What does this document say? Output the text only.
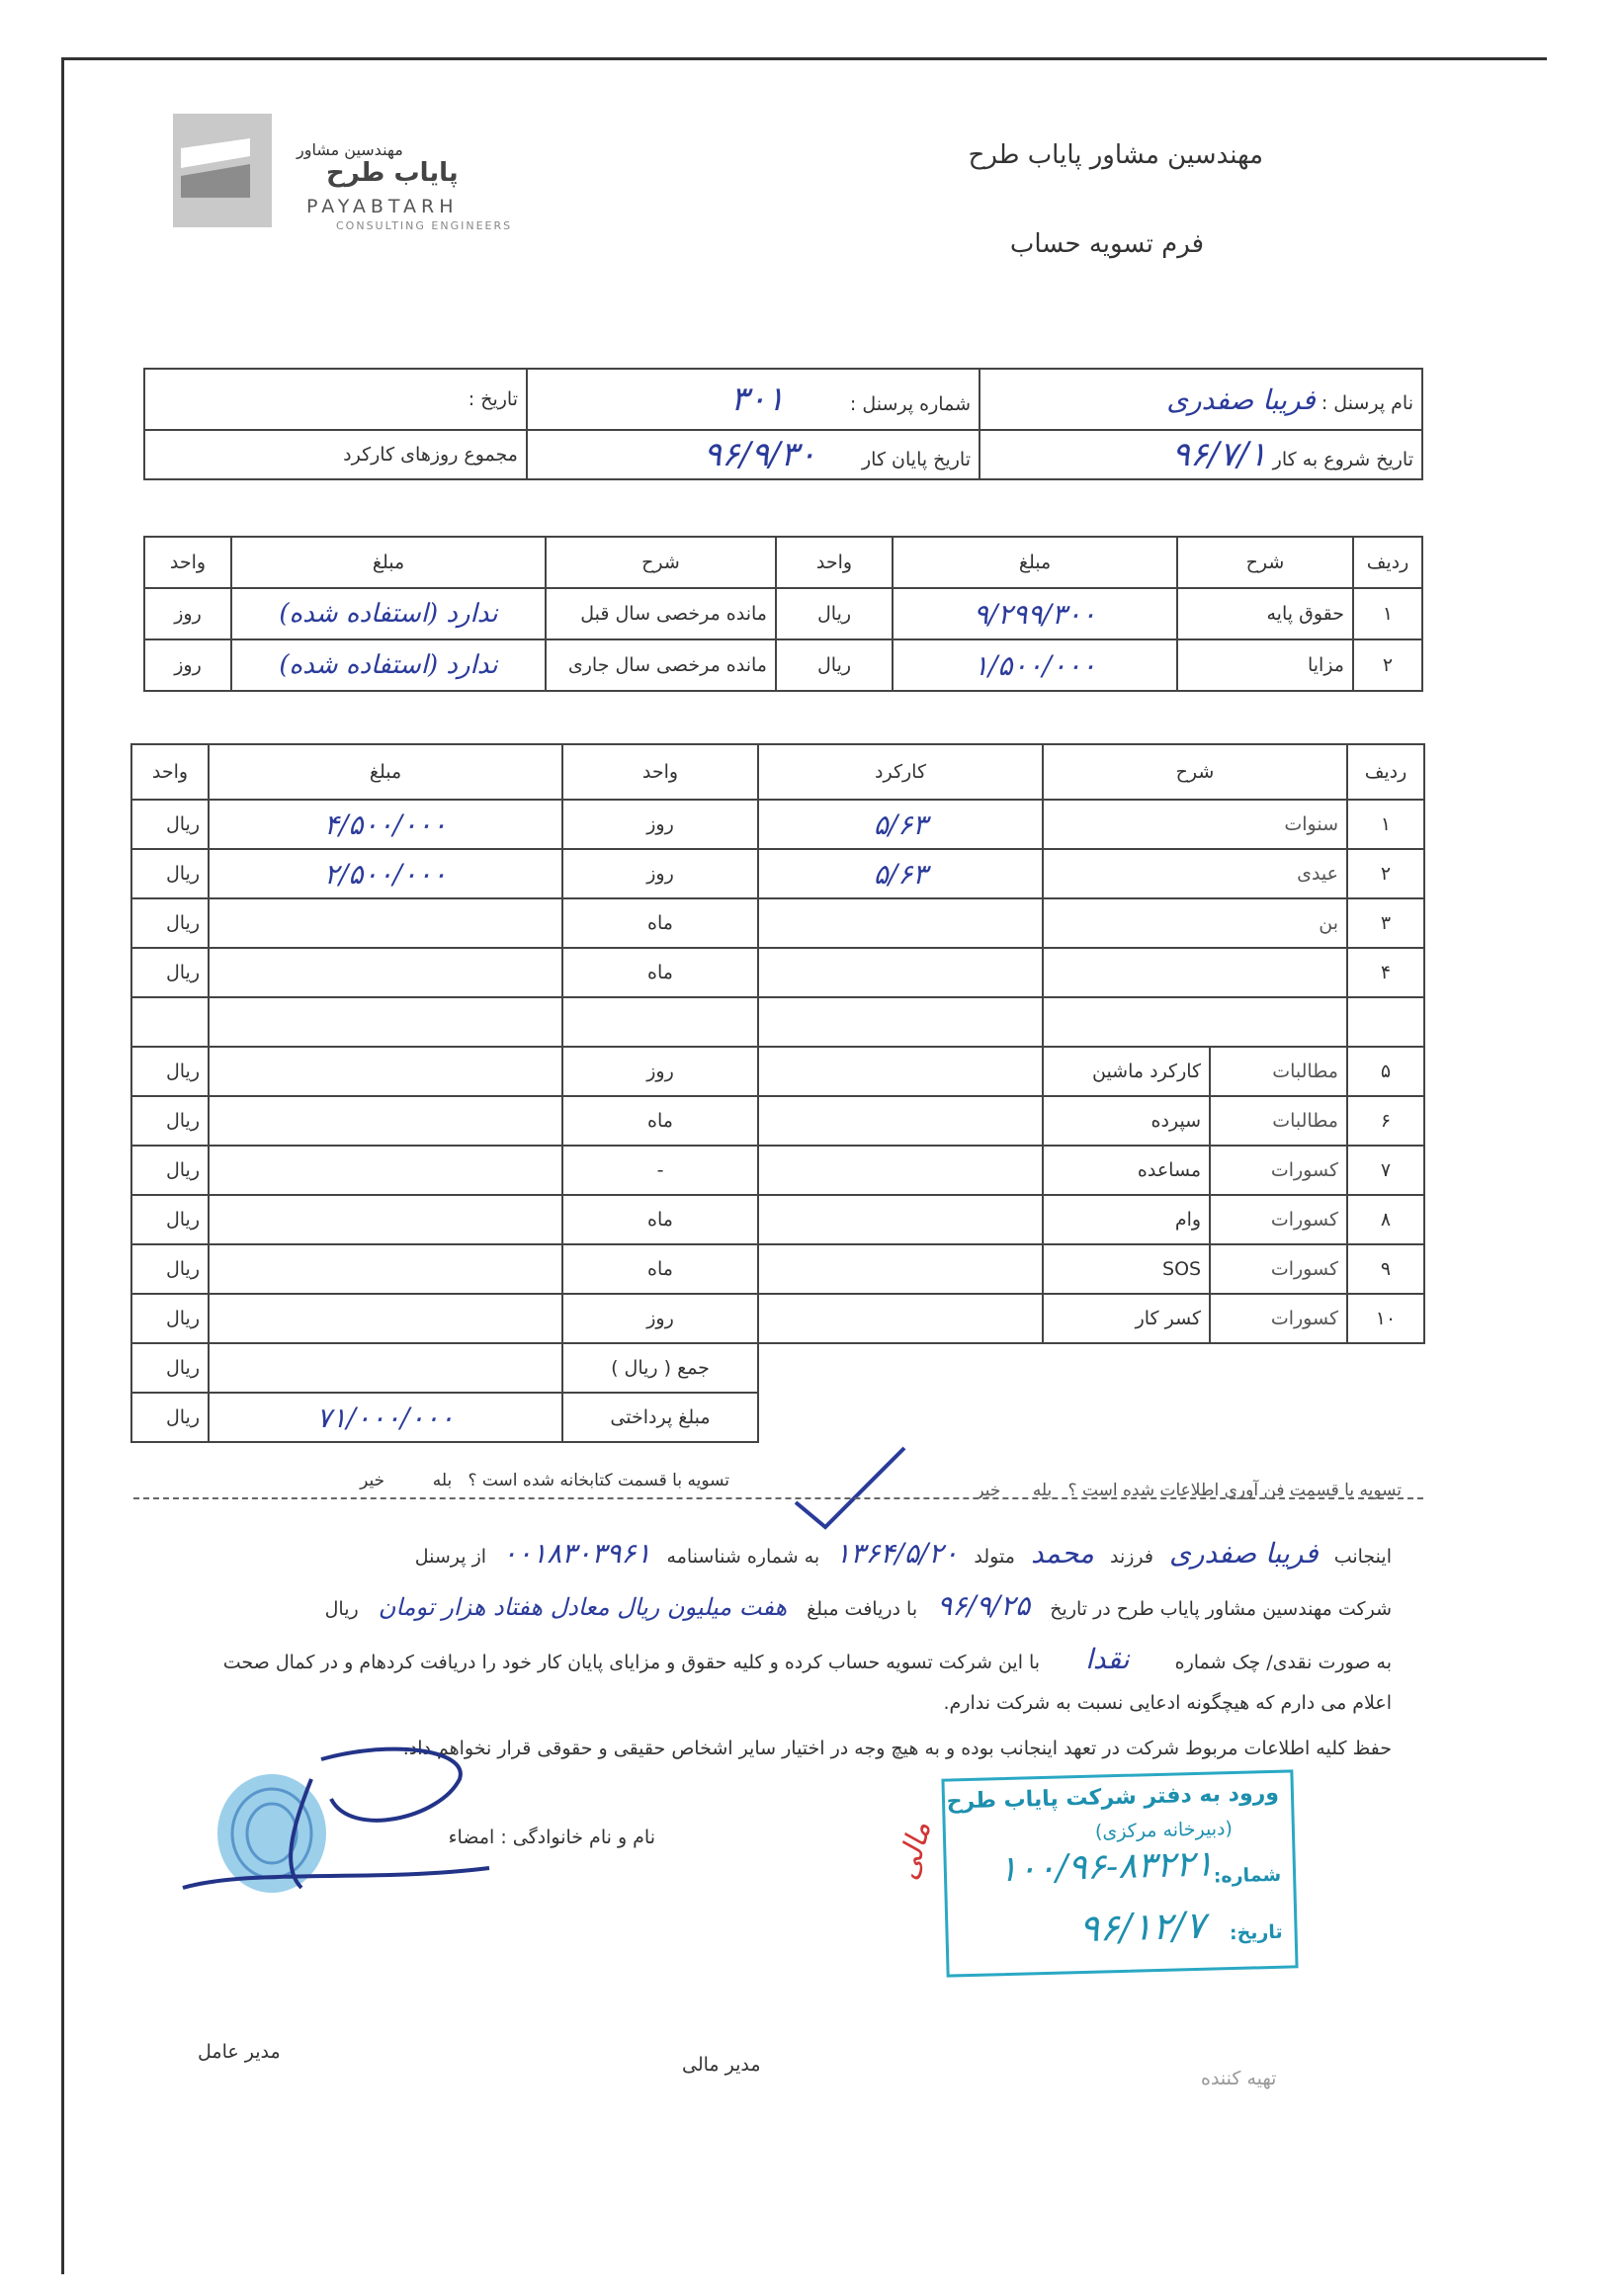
مهندسین مشاور
پایاب طرح
PAYABTARH
CONSULTING ENGINEERS
مهندسین مشاور پایاب طرح
فرم تسویه حساب
نام پرسنل : فریبا صفدری	شماره پرسنل : ۳۰۱	تاریخ :
تاریخ شروع به کار ۹۶/۷/۱	تاریخ پایان کار ۹۶/۹/۳۰	مجموع روزهای کارکرد
ردیف	شرح	مبلغ	واحد	شرح	مبلغ	واحد
۱	حقوق پایه	۹/۲۹۹/۳۰۰	ریال	مانده مرخصی سال قبل	ندارد (استفاده شده)	روز
۲	مزایا	۱/۵۰۰/۰۰۰	ریال	مانده مرخصی سال جاری	ندارد (استفاده شده)	روز
ردیف	شرح		کارکرد	واحد	مبلغ	واحد
۱	سنوات		۵/۶۳	روز	۴/۵۰۰/۰۰۰	ریال
۲	عیدی		۵/۶۳	روز	۲/۵۰۰/۰۰۰	ریال
۳	بن			ماه		ریال
۴				ماه		ریال

۵	مطالبات	کارکرد ماشین		روز		ریال
۶	مطالبات	سپرده		ماه		ریال
۷	کسورات	مساعده		-		ریال
۸	کسورات	وام		ماه		ریال
۹	کسورات	SOS		ماه		ریال
۱۰	کسورات	کسر کار		روز		ریال
				جمع ( ریال )		ریال
				مبلغ پرداختی	۷۱/۰۰۰/۰۰۰	ریال
تسویه با قسمت فن آوری اطلاعات شده است ؟   بله      خیر
تسویه با قسمت کتابخانه شده است ؟   بله         خیر
اینجانب فریبا صفدری فرزند محمد متولد ۱۳۶۴/۵/۲۰ به شماره شناسنامه ۰۰۱۸۳۰۳۹۶۱ از پرسنل
شرکت مهندسین مشاور پایاب طرح در تاریخ ۹۶/۹/۲۵ با دریافت مبلغ هفت میلیون ریال معادل هفتاد هزار تومان ریال
به صورت نقدی/ چک شماره نقدا با این شرکت تسویه حساب کرده و کلیه حقوق و مزایای پایان کار خود را دریافت کردهام و در کمال صحت
اعلام می دارم که هیچگونه ادعایی نسبت به شرکت ندارم.
حفظ کلیه اطلاعات مربوط شرکت در تعهد اینجانب بوده و به هیچ وجه در اختیار سایر اشخاص حقیقی و حقوقی قرار نخواهم داد.
نام و نام خانوادگی : امضاء
ورود به دفتر شرکت پایاب طرح
(دبیرخانه مرکزی)
شماره:
۱۰۰/۹۶-۸۳۲۲۱
تاریخ:
۹۶/۱۲/۷
مالی
مدیر عامل
مدیر مالی
تهیه کننده
